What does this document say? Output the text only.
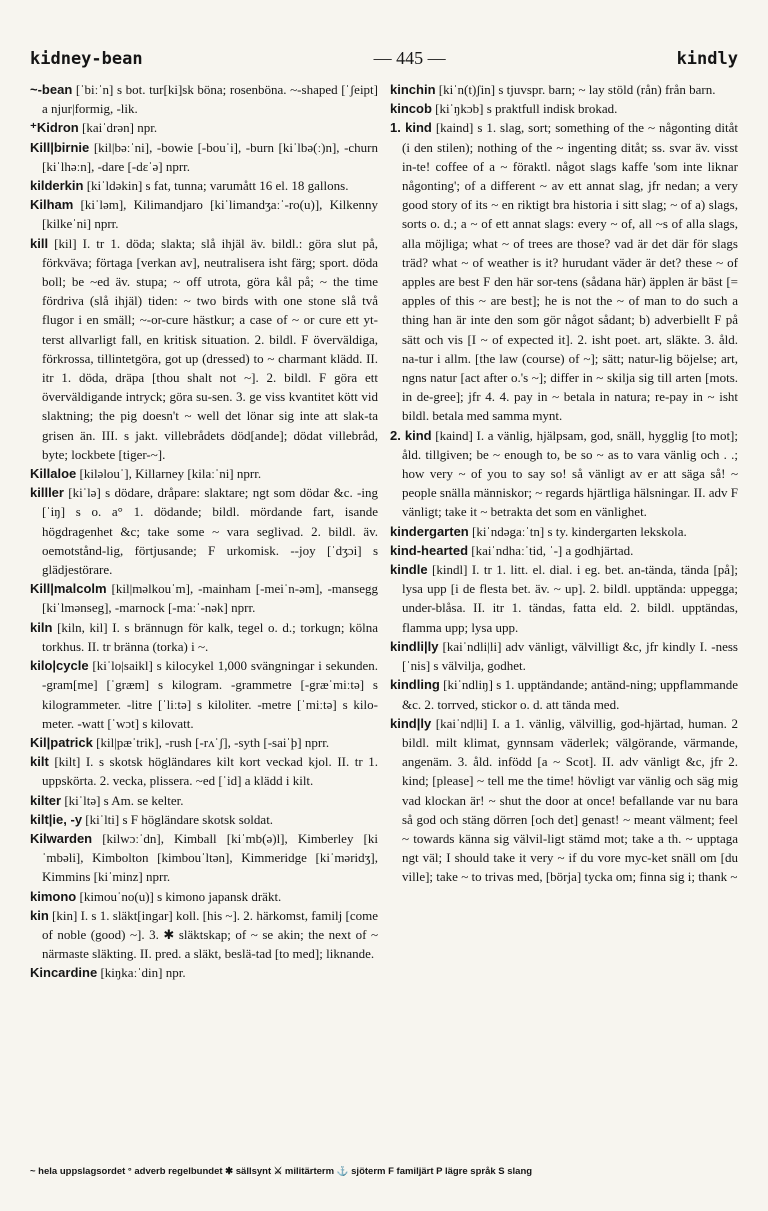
kidney-bean	— 445 —	kindly

~-bean [ˈbiːˈn] s bot. tur[ki]sk böna; rosenböna. ~-shaped [ˈʃeipt] a njur|formig, -lik.

⁺Kidron [kaiˈdrən] npr.

Kill|birnie [kil|bəːˈni], -bowie [-bouˈi], -burn [kiˈlbə(ː)n], -churn [kiˈlhəːn], -dare [-dɛˈə] nprr.

kilderkin [kiˈldəkin] s fat, tunna; varumått 16 el. 18 gallons.

Kilham [kiˈləm], Kilimandjaro [kiˈlimandʒaːˈ-ro(u)], Kilkenny [kilkeˈni] nprr.

kill [kil] I. tr 1. döda; slakta; slå ihjäl äv. bildl.: göra slut på, förkväva; förtaga [verkan av], neutralisera isht färg; sport. döda boll; be ~ed äv. stupa; ~ off utrota, göra kål på; ~ the time fördriva (slå ihjäl) tiden: ~ two birds with one stone slå två flugor i en smäll; ~-or-cure hästkur; a case of ~ or cure ett yt-terst allvarligt fall, en kritisk situation. 2. bildl. F överväldiga, förkrossa, tillintetgöra, got up (dressed) to ~ charmant klädd. II. itr 1. döda, dräpa [thou shalt not ~]. 2. bildl. F göra ett överväldigande intryck; göra su-sen. 3. ge viss kvantitet kött vid slaktning; the pig doesn't ~ well det lönar sig inte att slak-ta grisen än. III. s jakt. villebrådets död[ande]; dödat villebråd, byte; lockbete [tiger-~].

Killaloe [kiləlouˈ], Killarney [kilaːˈni] nprr.

killler [kiˈlə] s dödare, dråpare: slaktare; ngt som dödar &c. -ing [ˈiŋ] s o. a° 1. dödande; bildl. mördande fart, isande högdragenhet &c; take some ~ vara seglivad. 2. bildl. äv. oemotstånd-lig, förtjusande; F urkomisk. --joy [ˈdʒɔi] s glädjestörare.

Kill|malcolm [kil|mǝlkouˈm], -mainham [-meiˈn-əm], -mansegg [kiˈlmənseg], -marnock [-maːˈ-nək] nprr.

kiln [kiln, kil] I. s brännugn för kalk, tegel o. d.; torkugn; kölna torkhus. II. tr bränna (torka) i ~.

kilo|cycle [kiˈlo|saikl] s kilocykel 1,000 svängningar i sekunden. -gram[me] [ˈgræm] s kilogram. -grammetre [-græˈmiːtə] s kilogrammeter. -litre [ˈliːtə] s kiloliter. -metre [ˈmiːtə] s kilo-meter. -watt [ˈwɔt] s kilovatt.

Kil|patrick [kil|pæˈtrik], -rush [-rʌˈʃ], -syth [-saiˈþ] nprr.

kilt [kilt] I. s skotsk högländares kilt kort veckad kjol. II. tr 1. uppskörta. 2. vecka, plissera. ~ed [ˈid] a klädd i kilt.

kilter [kiˈltə] s Am. se kelter.

kilt|ie, -y [kiˈlti] s F högländare skotsk soldat.

Kilwarden [kilwɔːˈdn], Kimball [kiˈmb(ə)l], Kimberley [kiˈmbəli], Kimbolton [kimbouˈltən], Kimmeridge [kiˈməridʒ], Kimmins [kiˈminz] nprr.

kimono [kimouˈno(u)] s kimono japansk dräkt.

kin [kin] I. s 1. släkt[ingar] koll. [his ~]. 2. härkomst, familj [come of noble (good) ~]. 3. ✱ släktskap; of ~ se akin; the next of ~ närmaste släkting. II. pred. a släkt, beslä-tad [to med]; liknande.

Kincardine [kiŋkaːˈdin] npr.

kinchin [kiˈn(t)ʃin] s tjuvspr. barn; ~ lay stöld (rån) från barn.

kincob [kiˈŋkɔb] s praktfull indisk brokad.

1. kind [kaind] s 1. slag, sort; something of the ~ någonting ditåt (i den stilen); nothing of the ~ ingenting ditåt; ss. svar äv. visst in-te! coffee of a ~ föraktl. något slags kaffe 'som inte liknar någonting'; of a different ~ av ett annat slag, jfr nedan; a very good story of its ~ en riktigt bra historia i sitt slag; ~ of a) slags, sorts o. d.; a ~ of ett annat slags: every ~ of, all ~s of alla slags, alla möjliga; what ~ of trees are those? vad är det där för slags träd? what ~ of weather is it? hurudant väder är det? these ~ of apples are best F den här sor-tens (sådana här) äpplen är bäst [= apples of this ~ are best]; he is not the ~ of man to do such a thing han är inte den som gör något sådant; b) adverbiellt F på sätt och vis [I ~ of expected it]. 2. isht poet. art, släkte. 3. åld. na-tur i allm. [the law (course) of ~]; sätt; natur-lig böjelse; art, ngns natur [act after o.'s ~]; differ in ~ skilja sig till arten [mots. in de-gree]; jfr 4. 4. pay in ~ betala in natura; re-pay in ~ isht bildl. betala med samma mynt.

2. kind [kaind] I. a vänlig, hjälpsam, god, snäll, hygglig [to mot]; åld. tillgiven; be ~ enough to, be so ~ as to vara vänlig och . .; how very ~ of you to say so! så vänligt av er att säga så! ~ people snälla människor; ~ regards hjärtliga hälsningar. II. adv F vänligt; take it ~ betrakta det som en vänlighet.

kindergarten [kiˈndəgaːˈtn] s ty. kindergarten lekskola.

kind-hearted [kaiˈndhaːˈtid, ˈ-] a godhjärtad.

kindle [kindl] I. tr 1. litt. el. dial. i eg. bet. an-tända, tända [på]; lysa upp [i de flesta bet. äv. ~ up]. 2. bildl. upptända: uppegga; under-blåsa. II. itr 1. tändas, fatta eld. 2. bildl. upptändas, flamma upp; lysa upp.

kindli|ly [kaiˈndli|li] adv vänligt, välvilligt &c, jfr kindly I. -ness [ˈnis] s välvilja, godhet.

kindling [kiˈndliŋ] s 1. upptändande; antänd-ning; uppflammande &c. 2. torrved, stickor o. d. att tända med.

kind|ly [kaiˈnd|li] I. a 1. vänlig, välvillig, god-hjärtad, human. 2 bildl. milt klimat, gynnsam väderlek; välgörande, värmande, angenäm. 3. åld. infödd [a ~ Scot]. II. adv vänligt &c, jfr 2. kind; [please] ~ tell me the time! hövligt var vänlig och säg mig vad klockan är! ~ shut the door at once! befallande var nu bara så god och stäng dörren [och det] genast! ~ meant välment; feel ~ towards känna sig välvil-ligt stämd mot; take a th. ~ upptaga ngt väl; I should take it very ~ if du vore myc-ket snäll om [du ville]; take ~ to trivas med, [börja] tycka om; finna sig i; thank ~

~ hela uppslagsordet ° adverb regelbundet ✱ sällsynt ⚔ militärterm ⚓ sjöterm F familjärt P lägre språk S slang
